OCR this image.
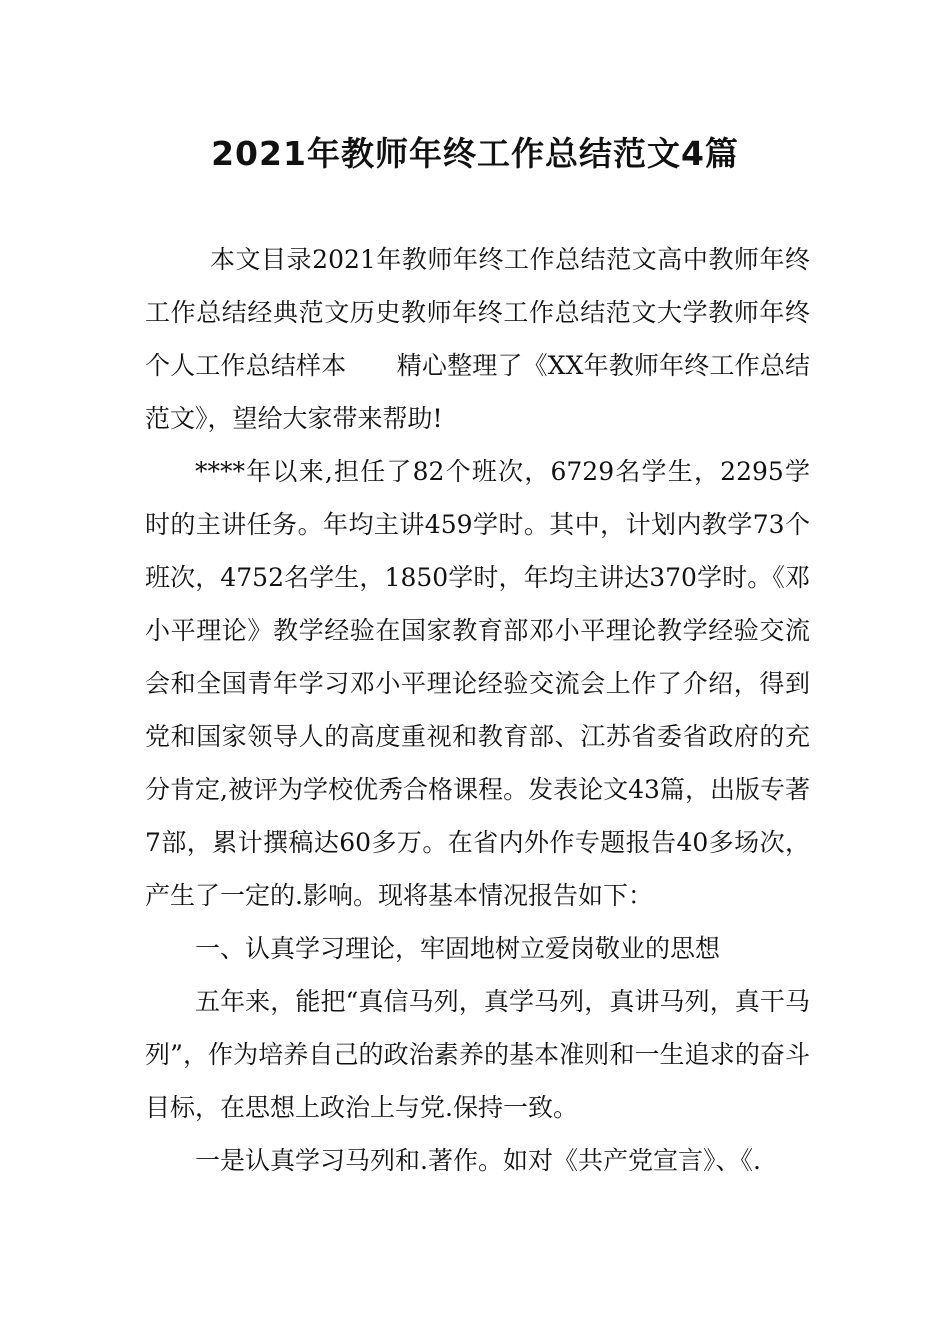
2021年教师年终工作总结范文4篇

本文目录2021年教师年终工作总结范文高中教师年终工作总结经典范文历史教师年终工作总结范文大学教师年终个人工作总结样本　　精心整理了《XX年教师年终工作总结范文》，望给大家带来帮助!

****年以来,担任了82个班次，6729名学生，2295学时的主讲任务。年均主讲459学时。其中，计划内教学73个班次，4752名学生，1850学时，年均主讲达370学时。《邓小平理论》教学经验在国家教育部邓小平理论教学经验交流会和全国青年学习邓小平理论经验交流会上作了介绍，得到党和国家领导人的高度重视和教育部、江苏省委省政府的充分肯定,被评为学校优秀合格课程。发表论文43篇，出版专著7部，累计撰稿达60多万。在省内外作专题报告40多场次，产生了一定的.影响。现将基本情况报告如下：

一、认真学习理论，牢固地树立爱岗敬业的思想

五年来，能把“真信马列，真学马列，真讲马列，真干马列”，作为培养自己的政治素养的基本准则和一生追求的奋斗目标，在思想上政治上与党.保持一致。

一是认真学习马列和.著作。如对《共产党宣言》、《.
